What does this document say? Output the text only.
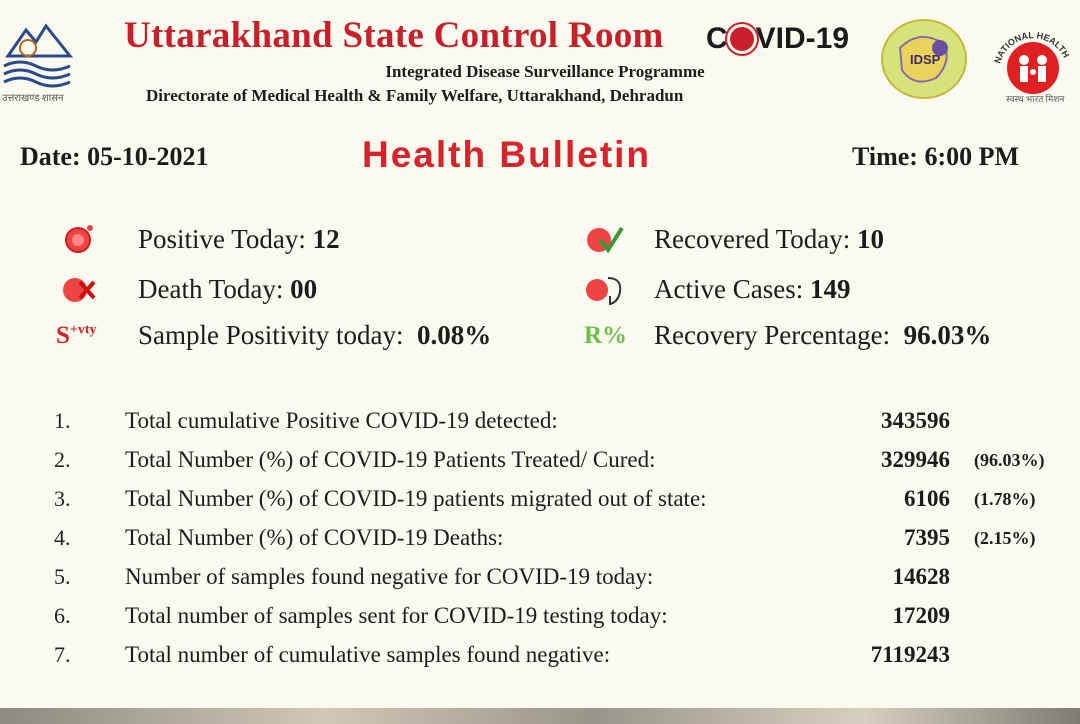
उत्तराखण्ड शासन
Uttarakhand State Control Room C VID-19
IDSP	NATIONAL HEALTH
स्वस्थ भारत मिशन
Integrated Disease Surveillance Programme
Directorate of Medical Health & Family Welfare, Uttarakhand, Dehradun
Date: 05-10-2021	Health Bulletin	Time: 6:00 PM
Positive Today: 12
Death Today: 00
$S^{+vty}$ Sample Positivity today: 0.08%
Recovered Today: 10
Active Cases: 149
R% Recovery Percentage: 96.03%
1. Total cumulative Positive COVID-19 detected:	343596
2. Total Number (%) of COVID-19 Patients Treated/ Cured:	329946 (96.03%)
3. Total Number (%) of COVID-19 patients migrated out of state:	6106 (1.78%)
4. Total Number (%) of COVID-19 Deaths:	7395 (2.15%)
5. Number of samples found negative for COVID-19 today:	14628
6. Total number of samples sent for COVID-19 testing today:	17209
7. Total number of cumulative samples found negative:	7119243
